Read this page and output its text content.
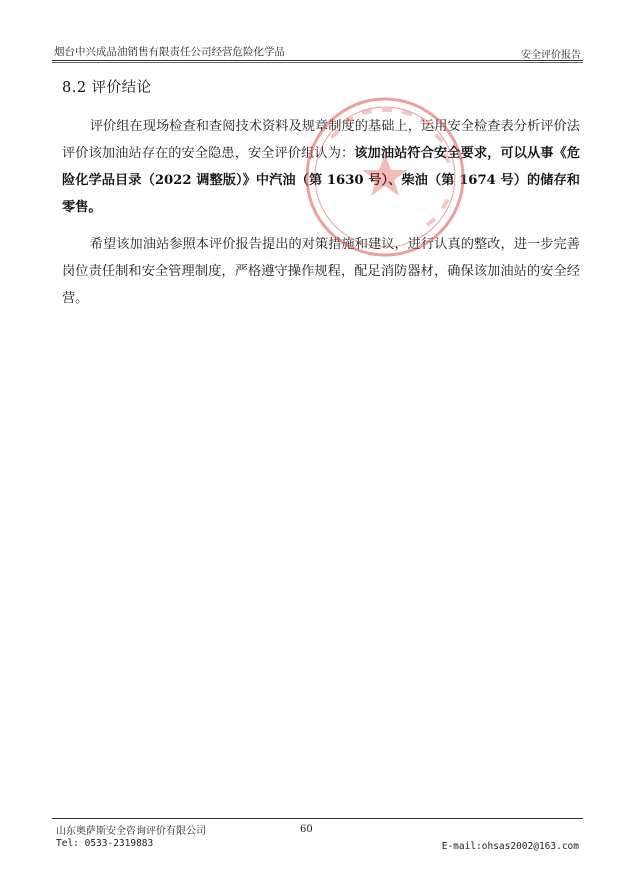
烟台中兴成品油销售有限责任公司经营危险化学品	安全评价报告
8.2 评价结论
评价组在现场检查和查阅技术资料及规章制度的基础上，运用安全检查表分析评价法评价该加油站存在的安全隐患，安全评价组认为：该加油站符合安全要求，可以从事《危险化学品目录（2022 调整版）》中汽油（第 1630 号）、柴油（第 1674 号）的储存和零售。
希望该加油站参照本评价报告提出的对策措施和建议，进行认真的整改，进一步完善岗位责任制和安全管理制度，严格遵守操作规程，配足消防器材，确保该加油站的安全经营。
山东奥萨斯安全咨询评价有限公司	60
Tel: 0533-2319883	E-mail:ohsas2002@163.com
